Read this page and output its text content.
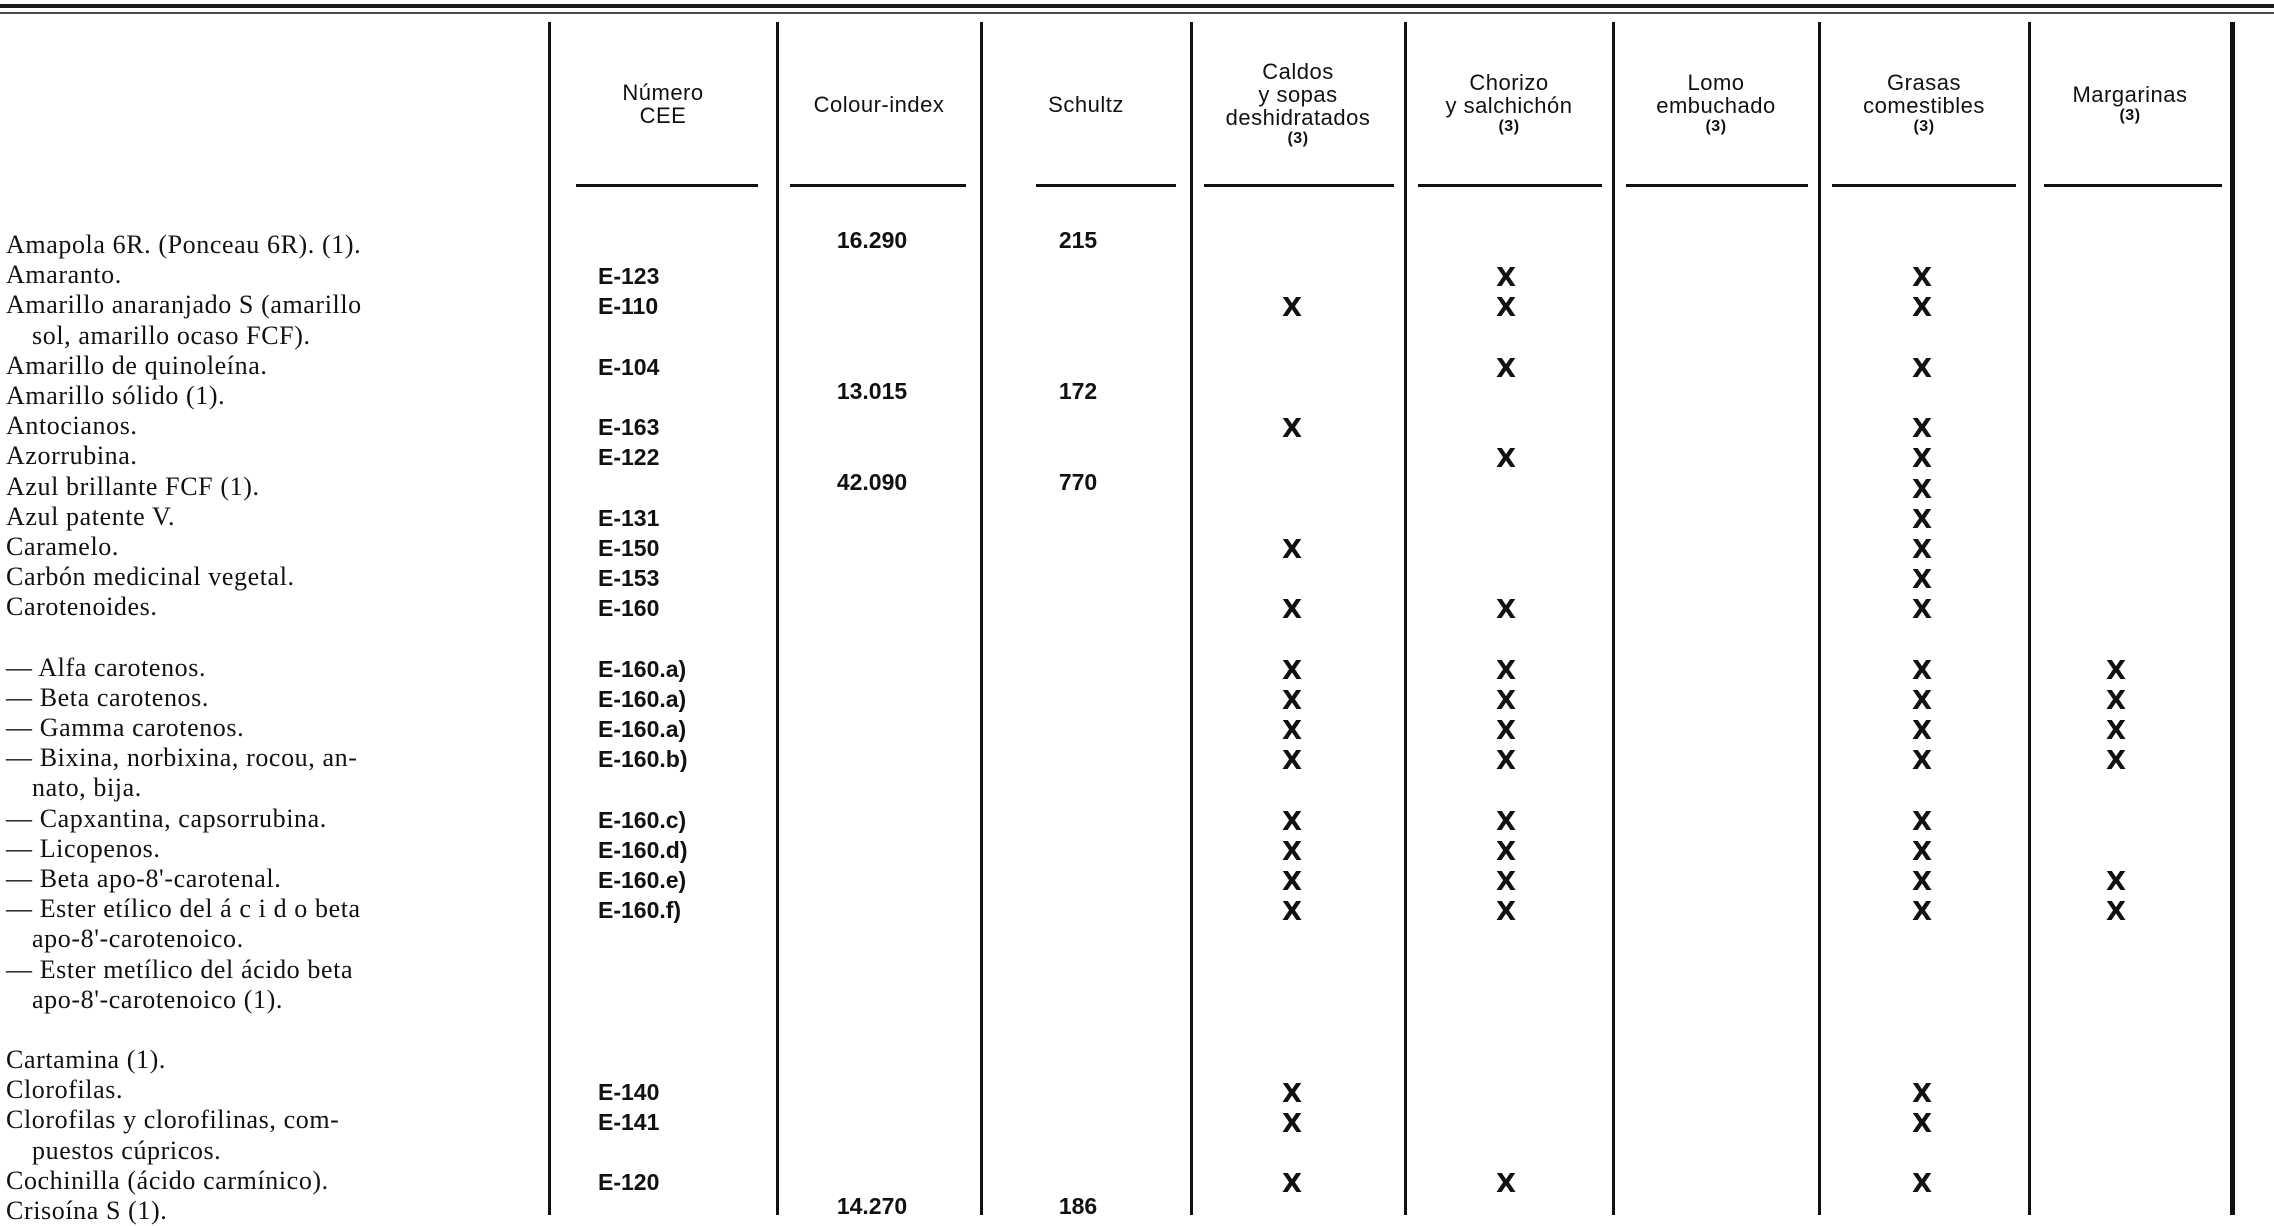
Número
CEE	Colour-index	Schultz
Caldos
y sopas
deshidratados
(3)
Chorizo
y salchichón
(3)
Lomo
embuchado
(3)
Grasas
comestibles
(3)
Margarinas
(3)
Amapola 6R. (Ponceau 6R). (1).
Amaranto.
Amarillo anaranjado S (amarillo
sol, amarillo ocaso FCF).
Amarillo de quinoleína.
Amarillo sólido (1).
Antocianos.
Azorrubina.
Azul brillante FCF (1).
Azul patente V.
Caramelo.
Carbón medicinal vegetal.
Carotenoides.
— Alfa carotenos.
— Beta carotenos.
— Gamma carotenos.
— Bixina, norbixina, rocou, an-
nato, bija.
— Capxantina, capsorrubina.
— Licopenos.
— Beta apo-8'-carotenal.
— Ester etílico del á c i d o beta
apo-8'-carotenoico.
— Ester metílico del ácido beta
apo-8'-carotenoico (1).
Cartamina (1).
Clorofilas.
Clorofilas y clorofilinas, com-
puestos cúpricos.
Cochinilla (ácido carmínico).
Crisoína S (1).
E-123
E-110
E-104
E-163
E-122
E-131
E-150
E-153
E-160
E-160.a)
E-160.a)
E-160.a)
E-160.b)
E-160.c)
E-160.d)
E-160.e)
E-160.f)
E-140
E-141
E-120
16.290
13.015
42.090
14.270
215
172
770
186
X
X
X
X
X
X
X
X
X
X
X
X
X
X
X
X
X
X
X
X
X
X
X
X
X
X
X
X
X
X
X
X
X
X
X
X
X
X
X
X
X
X
X
X
X
X
X
X
X
X
X
X
X
X
X
X
